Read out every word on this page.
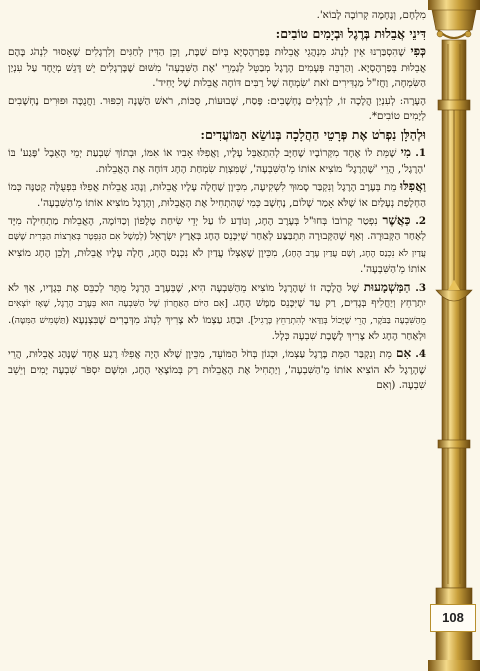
מִלְחָם, וְנֶחָמָה קְרוֹבָה לָבוֹא'.

דִּינֵי אֲבֵלוּת בְּרֶגֶל וּבְיָמִים טוֹבִים:

כְּפִי שֶׁהִסְבַּרְנוּ אֵין לִנְהֹג מִנְהֲגֵי אֲבֵלוּת בְּפַרְהֶסְיָא בְּיוֹם שַׁבָּת, וְכֵן הַדִּין לְחַגִּים וְלִרְגָלִים שֶׁאָסוּר לִנְהֹג בָּהֶם אֲבֵלוּת בְּפַרְהֶסְיָא. וְהַרְבֵּה פְּעָמִים הָרֶגֶל מְבַטֵּל לְגַמְרֵי 'אֶת הַשִּׁבְעָה' מִשּׁוּם שֶׁבָּרְגָלִים יֵשׁ דָּגֵשׁ מְיֻחָד עַל עִנְיַן הַשִּׂמְחָה, וַחֲז"ל מַגְדִּירִים זֹאת 'שִׂמְחָה שֶׁל רַבִּים דּוֹחָה אֲבֵלוּת שֶׁל יָחִיד'.

הֶעָרָה: לְעִנְיַן הֲלָכָה זוֹ, לִרְגָלִים נֶחְשָׁבִים: פֶּסַח, שָׁבוּעוֹת, סֻכּוֹת, רֹאשׁ הַשָּׁנָה וְכִפּוּר. וַחֲנֻכָּה וּפוּרִים נֶחְשָׁבִים לְיָמִים טוֹבִים*.

וּלְהַלָּן נִפְרֹט אֶת פְּרָטֵי הַהֲלָכָה בְּנוֹשֵׂא הַמּוֹעֲדִים:

1. מִי שֶׁמֵּת לוֹ אֶחָד מִקְּרוֹבָיו שֶׁחַיָּב לְהִתְאַבֵּל עָלָיו, וַאֲפִלּוּ אָבִיו אוֹ אִמּוֹ, וּבְתוֹךְ שִׁבְעַת יְמֵי הָאֵבֶל 'פָּגַע' בּוֹ 'הָרֶגֶל', הֲרֵי 'שֶׁהָרֶגֶל' מוֹצִיא אוֹתוֹ מֵ'הַשִּׁבְעָה', שֶׁמִּצְוַת שִׂמְחַת הֶחָג דּוֹחָה אֶת הָאֲבֵלוּת.

וַאֲפִלּוּ מֵת בְּעֶרֶב הָרֶגֶל וְנִקְבַּר סָמוּךְ לִשְׁקִיעָה, מִכֵּיוָן שֶׁחָלָה עָלָיו אֲבֵלוּת, וְנָהַג אֲבֵלוּת אֲפִלּוּ בִּפְעֻלָּה קְטַנָּה כְּמוֹ הַחְלָפַת נְעָלַיִם אוֹ שֶׁלֹּא אָמַר שָׁלוֹם, נֶחְשָׁב כְּמִי שֶׁהִתְחִיל אֶת הָאֲבֵלוּת, וְהָרֶגֶל מוֹצִיא אוֹתוֹ מֵ'הַשִּׁבְעָה'.

2. כַּאֲשֶׁר נִפְטַר קְרוֹבוֹ בְּחוּ"ל בְּעֶרֶב הֶחָג, וְנוֹדַע לוֹ עַל יְדֵי שִׂיחַת טֶלֶפוֹן וְכַדּוֹמֶה, הָאֲבֵלוּת מַתְחִילָה מִיָּד לְאַחַר הַקְּבוּרָה. וְאַף שֶׁהַקְּבוּרָה תִּתְבַּצַּע לְאַחַר שֶׁיִּכָּנֵס הֶחָג בְּאֶרֶץ יִשְׂרָאֵל (לְמָשָׁל אִם הַנִּפְטָר בְּאַרְצוֹת הַבְּרִית שֶׁשָּׁם עֲדַיִן לֹא נִכְנַס הֶחָג, וְשָׁם עֲדַיִן עֶרֶב הֶחָג), מִכֵּיוָן שֶׁאֶצְלוֹ עֲדַיִן לֹא נִכְנַס הֶחָג, חָלָה עָלָיו אֲבֵלוּת, וְלָכֵן הֶחָג מוֹצִיא אוֹתוֹ מֵ'הַשִּׁבְעָה'.

3. הַמַּשְׁמָעוּת שֶׁל הֲלָכָה זוֹ שֶׁהָרֶגֶל מוֹצִיא מֵהַשִּׁבְעָה הִיא, שֶׁבְּעֶרֶב הָרֶגֶל מֻתָּר לְכַבֵּס אֶת בְּגָדָיו, אַךְ לֹא יִתְרַחֵץ וְיַחֲלִיף בְּגָדִים, רַק עַד שֶׁיִּכָּנֵס מַמָּשׁ הֶחָג. [אִם הַיּוֹם הָאַחֲרוֹן שֶׁל הַשִּׁבְעָה הוּא בְּעֶרֶב הָרֶגֶל, שֶׁאָז יוֹצְאִים מֵהַשִּׁבְעָה בַּבֹּקֶר, הֲרֵי שֶׁיָּכוֹל בְּוַדַּאי לְהִתְרַחֵץ כָּרָגִיל]. וּבַחַג עַצְמוֹ לֹא צָרִיךְ לִנְהֹג מִדְּבָרִים שֶׁבִּצְנְעָא (תַּשְׁמִישׁ הַמִּטָּה). וּלְאַחַר הֶחָג לֹא צָרִיךְ לָשֶׁבֶת שִׁבְעָה כְּלָל.

4. אִם מֵת וְנִקְבַּר הַמֵּת בָּרֶגֶל עַצְמוֹ, וּכְגוֹן בְּחֹל הַמּוֹעֵד, מִכֵּיוָן שֶׁלֹּא הָיָה אֲפִלּוּ רֶגַע אֶחָד שֶׁנָּהַג אֲבֵלוּת, הֲרֵי שֶׁהָרֶגֶל לֹא הוֹצִיא אוֹתוֹ מֵ'הַשִּׁבְעָה', וְיַתְחִיל אֶת הָאֲבֵלוּת רַק בְּמוֹצָאֵי הֶחָג, וּמִשָּׁם יִסְפֹּר שִׁבְעָה יָמִים וְיֵשֵׁב שִׁבְעָה. (וְאִם

108
